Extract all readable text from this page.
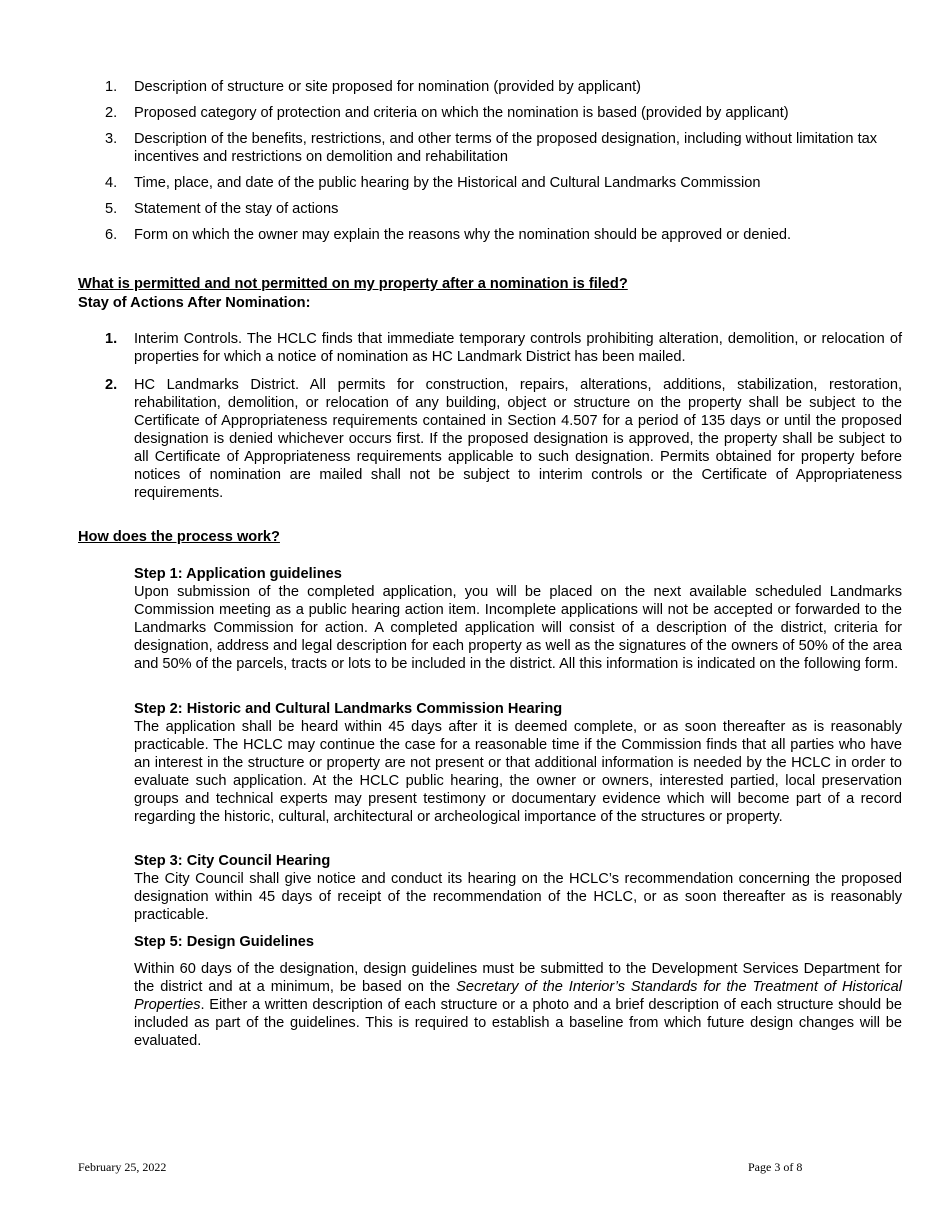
1. Description of structure or site proposed for nomination (provided by applicant)
2. Proposed category of protection and criteria on which the nomination is based (provided by applicant)
3. Description of the benefits, restrictions, and other terms of the proposed designation, including without limitation tax incentives and restrictions on demolition and rehabilitation
4. Time, place, and date of the public hearing by the Historical and Cultural Landmarks Commission
5. Statement of the stay of actions
6. Form on which the owner may explain the reasons why the nomination should be approved or denied.
What is permitted and not permitted on my property after a nomination is filed?
Stay of Actions After Nomination:
1. Interim Controls. The HCLC finds that immediate temporary controls prohibiting alteration, demolition, or relocation of properties for which a notice of nomination as HC Landmark District has been mailed.
2. HC Landmarks District. All permits for construction, repairs, alterations, additions, stabilization, restoration, rehabilitation, demolition, or relocation of any building, object or structure on the property shall be subject to the Certificate of Appropriateness requirements contained in Section 4.507 for a period of 135 days or until the proposed designation is denied whichever occurs first. If the proposed designation is approved, the property shall be subject to all Certificate of Appropriateness requirements applicable to such designation. Permits obtained for property before notices of nomination are mailed shall not be subject to interim controls or the Certificate of Appropriateness requirements.
How does the process work?
Step 1: Application guidelines
Upon submission of the completed application, you will be placed on the next available scheduled Landmarks Commission meeting as a public hearing action item. Incomplete applications will not be accepted or forwarded to the Landmarks Commission for action. A completed application will consist of a description of the district, criteria for designation, address and legal description for each property as well as the signatures of the owners of 50% of the area and 50% of the parcels, tracts or lots to be included in the district. All this information is indicated on the following form.
Step 2: Historic and Cultural Landmarks Commission Hearing
The application shall be heard within 45 days after it is deemed complete, or as soon thereafter as is reasonably practicable. The HCLC may continue the case for a reasonable time if the Commission finds that all parties who have an interest in the structure or property are not present or that additional information is needed by the HCLC in order to evaluate such application. At the HCLC public hearing, the owner or owners, interested partied, local preservation groups and technical experts may present testimony or documentary evidence which will become part of a record regarding the historic, cultural, architectural or archeological importance of the structures or property.
Step 3: City Council Hearing
The City Council shall give notice and conduct its hearing on the HCLC’s recommendation concerning the proposed designation within 45 days of receipt of the recommendation of the HCLC, or as soon thereafter as is reasonably practicable.
Step 5: Design Guidelines
Within 60 days of the designation, design guidelines must be submitted to the Development Services Department for the district and at a minimum, be based on the Secretary of the Interior’s Standards for the Treatment of Historical Properties. Either a written description of each structure or a photo and a brief description of each structure should be included as part of the guidelines. This is required to establish a baseline from which future design changes will be evaluated.
February 25, 2022	Page 3 of 8
